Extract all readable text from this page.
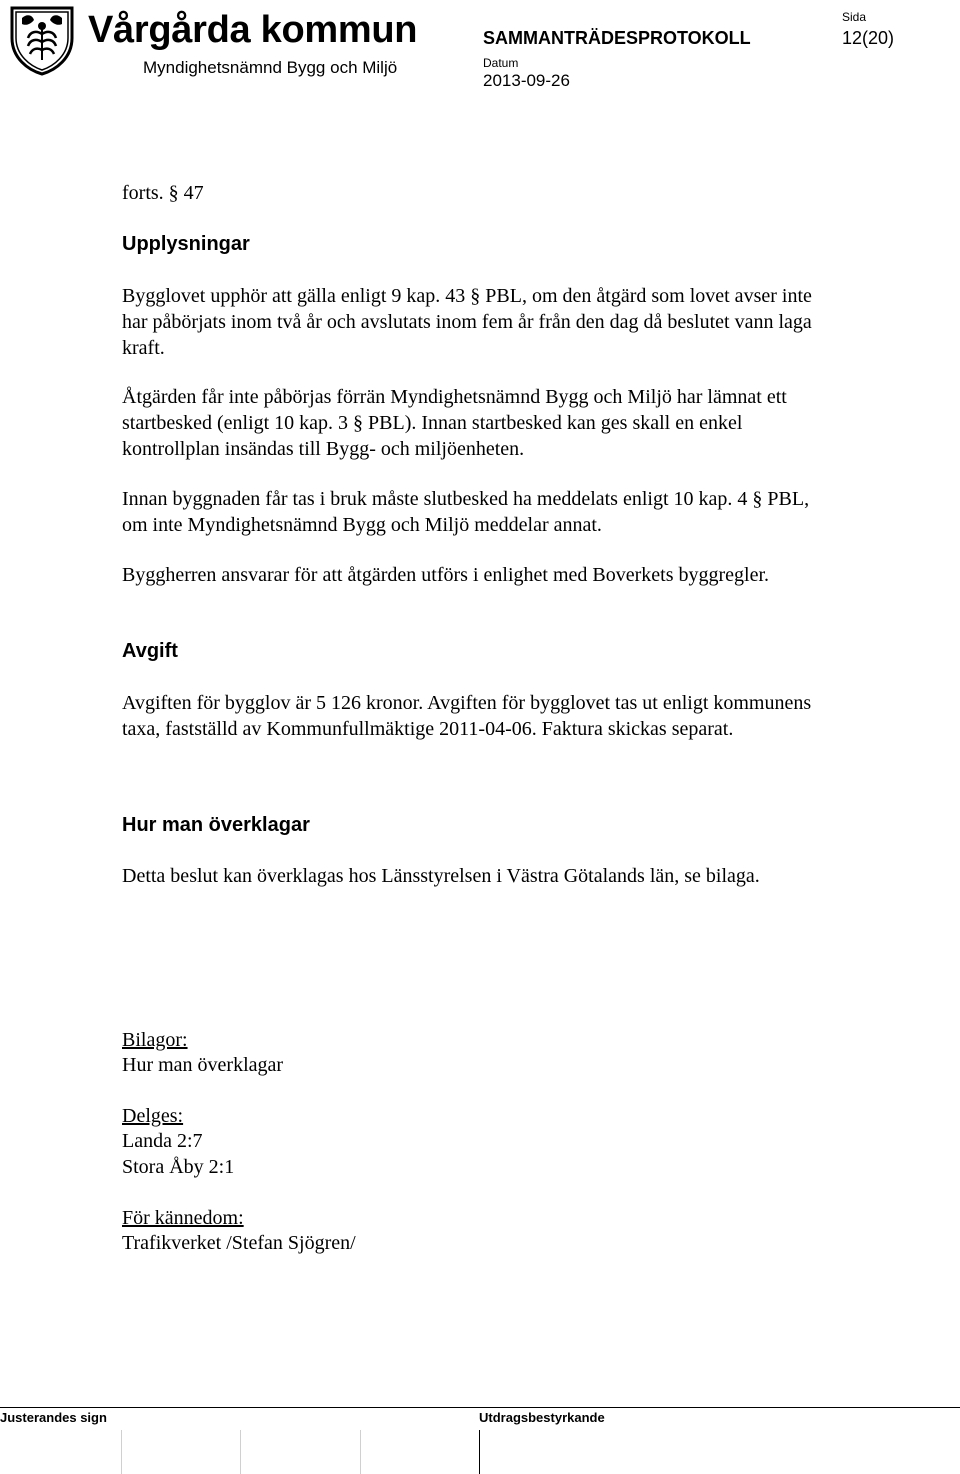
Vårgårda kommun
Myndighetsnämnd Bygg och Miljö
SAMMANTRÄDESPROTOKOLL
Datum
2013-09-26
Sida
12(20)
forts. § 47
Upplysningar
Bygglovet upphör att gälla enligt 9 kap. 43 § PBL, om den åtgärd som lovet avser inte har påbörjats inom två år och avslutats inom fem år från den dag då beslutet vann laga kraft.
Åtgärden får inte påbörjas förrän Myndighetsnämnd Bygg och Miljö har lämnat ett startbesked (enligt 10 kap. 3 § PBL). Innan startbesked kan ges skall en enkel kontrollplan insändas till Bygg- och miljöenheten.
Innan byggnaden får tas i bruk måste slutbesked ha meddelats enligt 10 kap. 4 § PBL, om inte Myndighetsnämnd Bygg och Miljö meddelar annat.
Byggherren ansvarar för att åtgärden utförs i enlighet med Boverkets byggregler.
Avgift
Avgiften för bygglov är 5 126 kronor. Avgiften för bygglovet tas ut enligt kommunens taxa, fastställd av Kommunfullmäktige 2011-04-06. Faktura skickas separat.
Hur man överklagar
Detta beslut kan överklagas hos Länsstyrelsen i Västra Götalands län, se bilaga.
Bilagor:
Hur man överklagar
Delges:
Landa 2:7
Stora Åby 2:1
För kännedom:
Trafikverket /Stefan Sjögren/
Justerandes sign	Utdragsbestyrkande
